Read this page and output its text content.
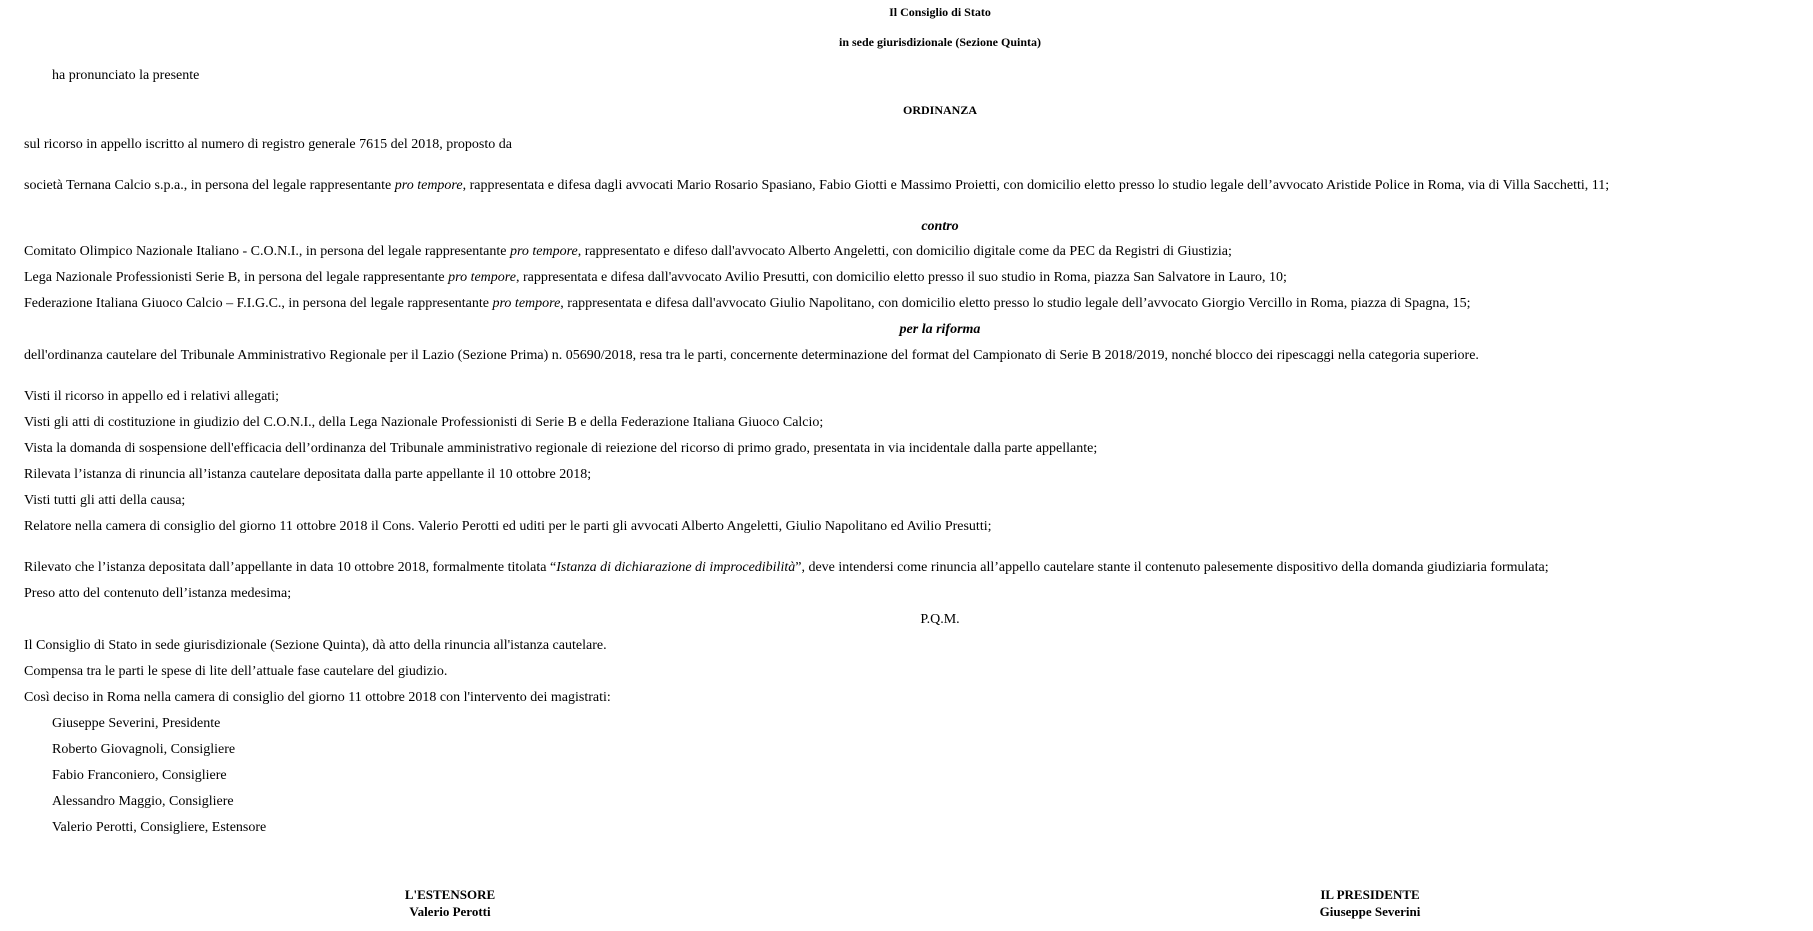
Il Consiglio di Stato
in sede giurisdizionale (Sezione Quinta)
ha pronunciato la presente
ORDINANZA
sul ricorso in appello iscritto al numero di registro generale 7615 del 2018, proposto da
società Ternana Calcio s.p.a., in persona del legale rappresentante pro tempore, rappresentata e difesa dagli avvocati Mario Rosario Spasiano, Fabio Giotti e Massimo Proietti, con domicilio eletto presso lo studio legale dell’avvocato Aristide Police in Roma, via di Villa Sacchetti, 11;
contro
Comitato Olimpico Nazionale Italiano - C.O.N.I., in persona del legale rappresentante pro tempore, rappresentato e difeso dall'avvocato Alberto Angeletti, con domicilio digitale come da PEC da Registri di Giustizia;
Lega Nazionale Professionisti Serie B, in persona del legale rappresentante pro tempore, rappresentata e difesa dall'avvocato Avilio Presutti, con domicilio eletto presso il suo studio in Roma, piazza San Salvatore in Lauro, 10;
Federazione Italiana Giuoco Calcio – F.I.G.C., in persona del legale rappresentante pro tempore, rappresentata e difesa dall'avvocato Giulio Napolitano, con domicilio eletto presso lo studio legale dell’avvocato Giorgio Vercillo in Roma, piazza di Spagna, 15;
per la riforma
dell'ordinanza cautelare del Tribunale Amministrativo Regionale per il Lazio (Sezione Prima) n. 05690/2018, resa tra le parti, concernente determinazione del format del Campionato di Serie B 2018/2019, nonché blocco dei ripescaggi nella categoria superiore.
Visti il ricorso in appello ed i relativi allegati;
Visti gli atti di costituzione in giudizio del C.O.N.I., della Lega Nazionale Professionisti di Serie B e della Federazione Italiana Giuoco Calcio;
Vista la domanda di sospensione dell'efficacia dell’ordinanza del Tribunale amministrativo regionale di reiezione del ricorso di primo grado, presentata in via incidentale dalla parte appellante;
Rilevata l’istanza di rinuncia all’istanza cautelare depositata dalla parte appellante il 10 ottobre 2018;
Visti tutti gli atti della causa;
Relatore nella camera di consiglio del giorno 11 ottobre 2018 il Cons. Valerio Perotti ed uditi per le parti gli avvocati Alberto Angeletti, Giulio Napolitano ed Avilio Presutti;
Rilevato che l’istanza depositata dall’appellante in data 10 ottobre 2018, formalmente titolata “Istanza di dichiarazione di improcedibilità”, deve intendersi come rinuncia all’appello cautelare stante il contenuto palesemente dispositivo della domanda giudiziaria formulata;
Preso atto del contenuto dell’istanza medesima;
P.Q.M.
Il Consiglio di Stato in sede giurisdizionale (Sezione Quinta), dà atto della rinuncia all'istanza cautelare.
Compensa tra le parti le spese di lite dell’attuale fase cautelare del giudizio.
Così deciso in Roma nella camera di consiglio del giorno 11 ottobre 2018 con l'intervento dei magistrati:
Giuseppe Severini, Presidente
Roberto Giovagnoli, Consigliere
Fabio Franconiero, Consigliere
Alessandro Maggio, Consigliere
Valerio Perotti, Consigliere, Estensore
L'ESTENSORE
Valerio Perotti
IL PRESIDENTE
Giuseppe Severini
